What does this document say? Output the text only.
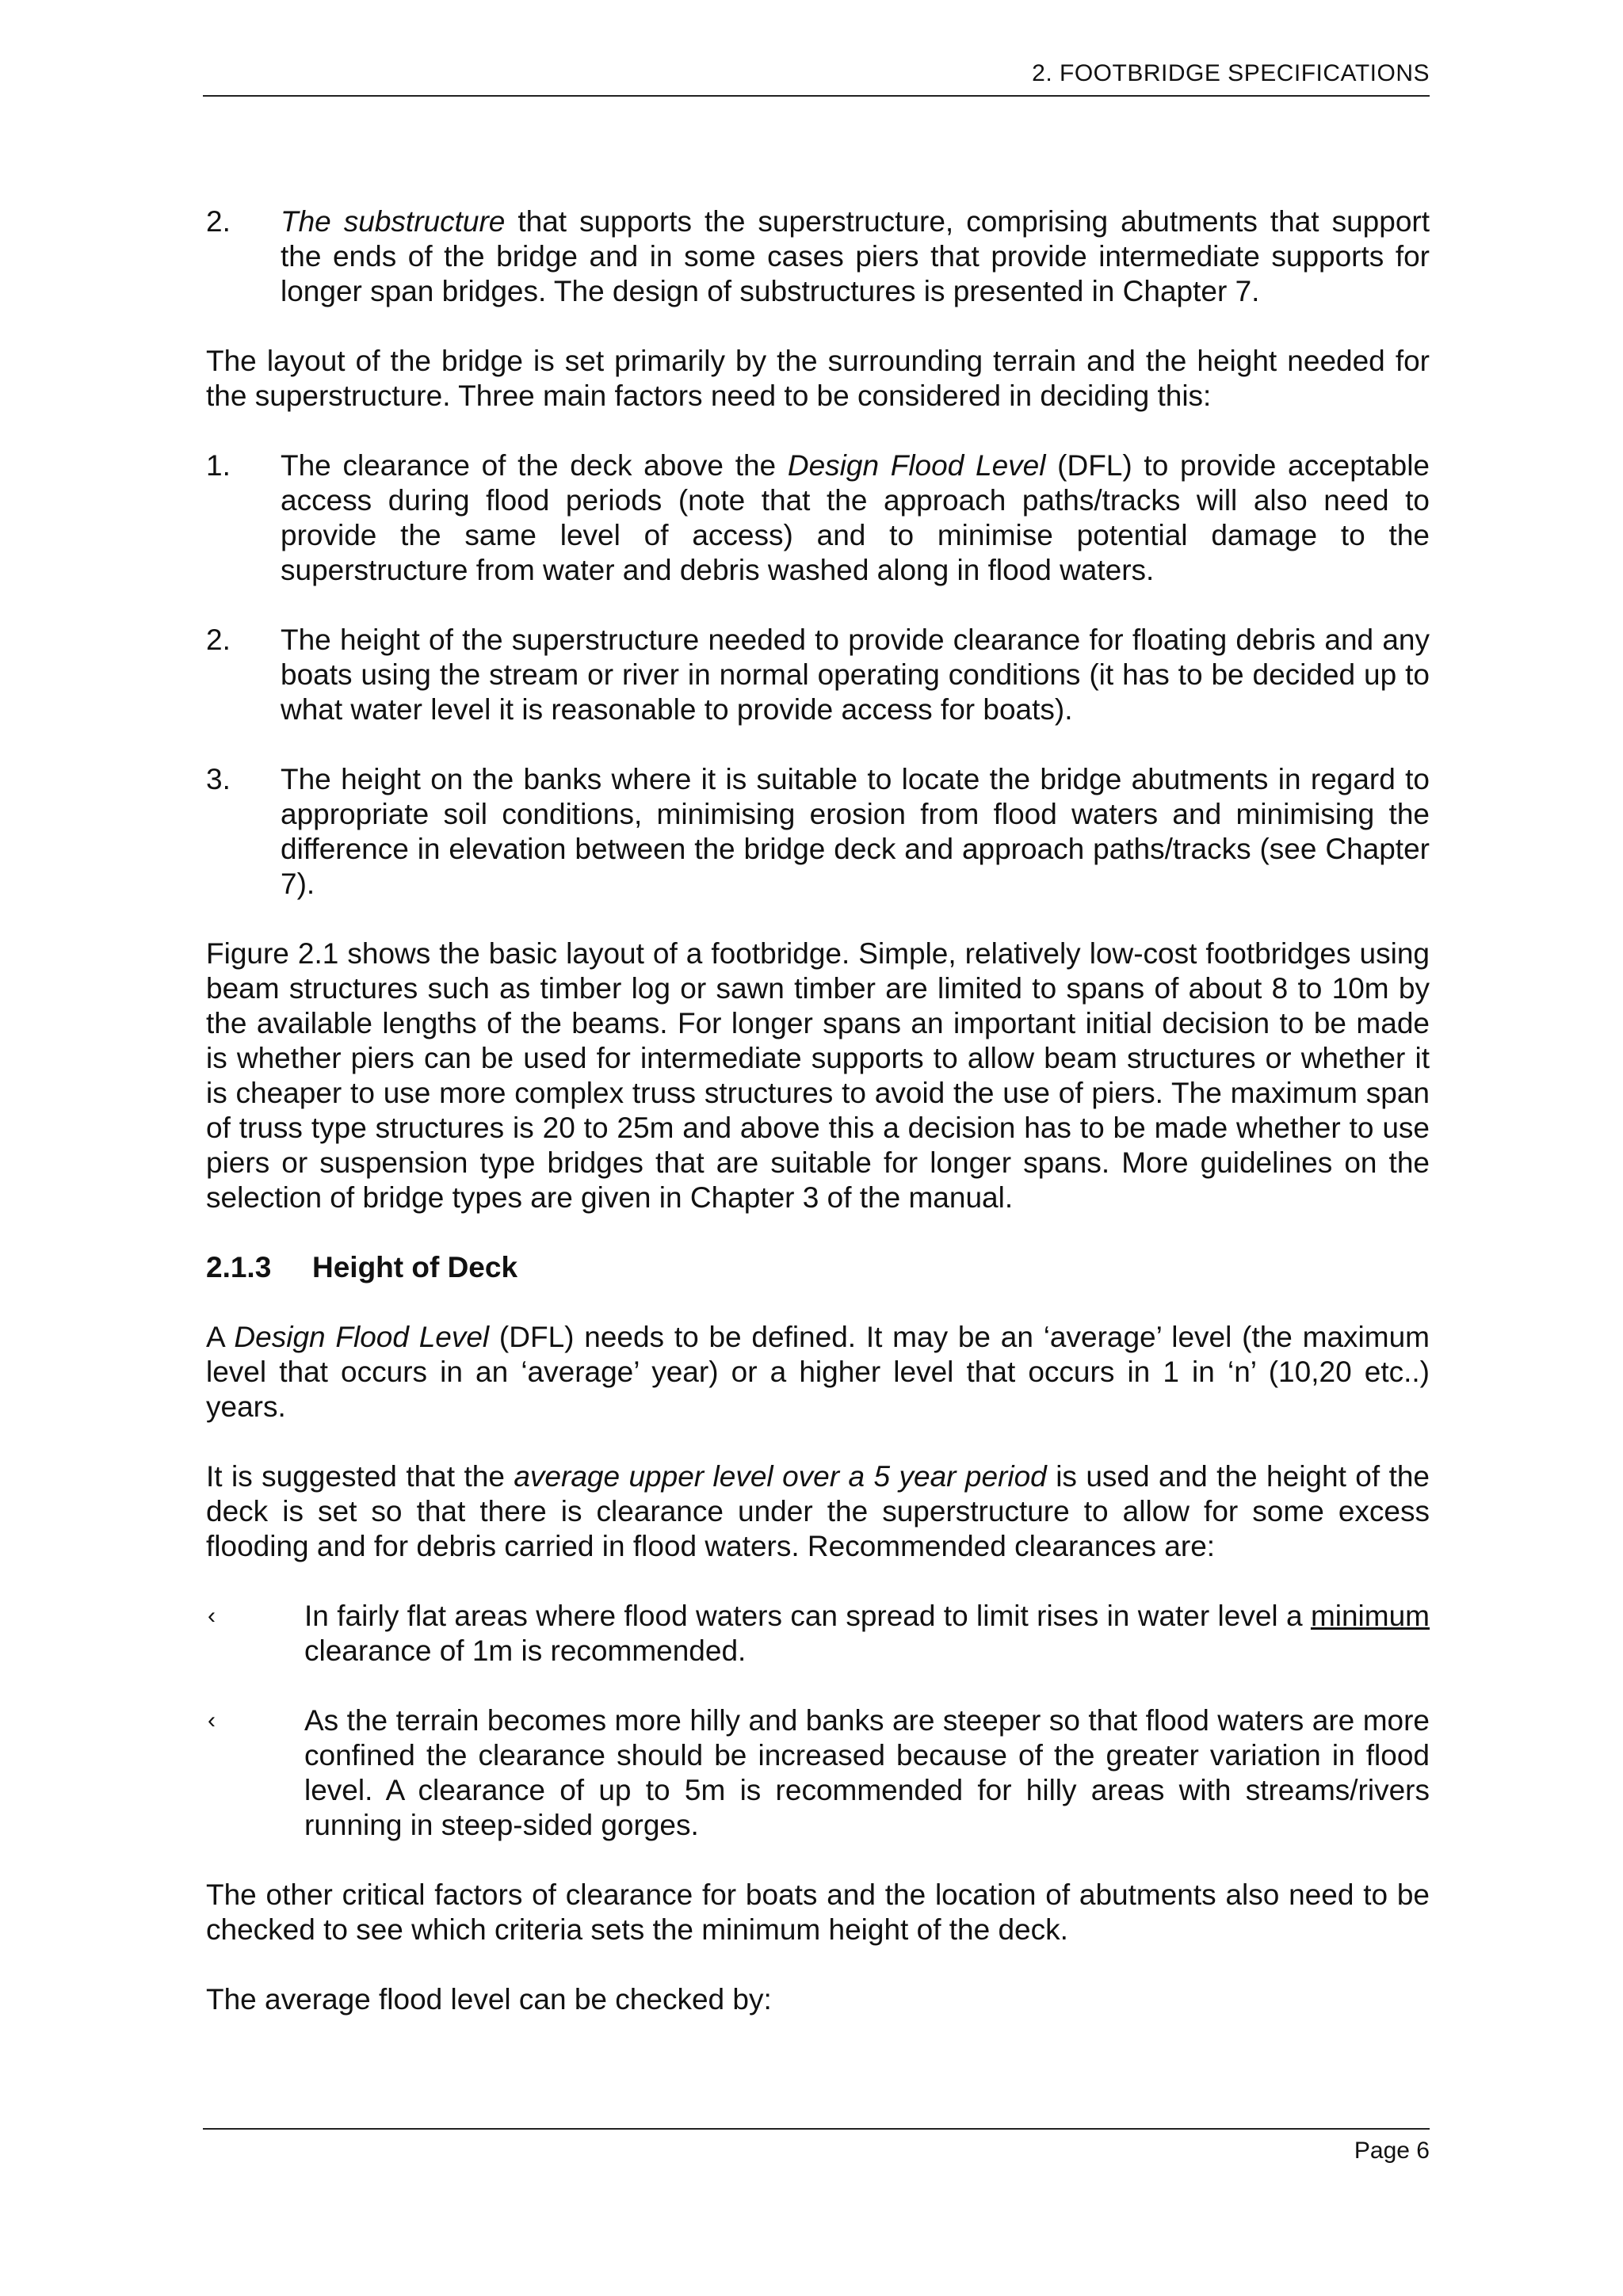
2. FOOTBRIDGE SPECIFICATIONS
2. The substructure that supports the superstructure, comprising abutments that support the ends of the bridge and in some cases piers that provide intermediate supports for longer span bridges. The design of substructures is presented in Chapter 7.

The layout of the bridge is set primarily by the surrounding terrain and the height needed for the superstructure. Three main factors need to be considered in deciding this:

1. The clearance of the deck above the Design Flood Level (DFL) to provide acceptable access during flood periods (note that the approach paths/tracks will also need to provide the same level of access) and to minimise potential damage to the superstructure from water and debris washed along in flood waters.
2. The height of the superstructure needed to provide clearance for floating debris and any boats using the stream or river in normal operating conditions (it has to be decided up to what water level it is reasonable to provide access for boats).
3. The height on the banks where it is suitable to locate the bridge abutments in regard to appropriate soil conditions, minimising erosion from flood waters and minimising the difference in elevation between the bridge deck and approach paths/tracks (see Chapter 7).

Figure 2.1 shows the basic layout of a footbridge. Simple, relatively low-cost footbridges using beam structures such as timber log or sawn timber are limited to spans of about 8 to 10m by the available lengths of the beams. For longer spans an important initial decision to be made is whether piers can be used for intermediate supports to allow beam structures or whether it is cheaper to use more complex truss structures to avoid the use of piers. The maximum span of truss type structures is 20 to 25m and above this a decision has to be made whether to use piers or suspension type bridges that are suitable for longer spans. More guidelines on the selection of bridge types are given in Chapter 3 of the manual.

2.1.3 Height of Deck

A Design Flood Level (DFL) needs to be defined. It may be an ‘average’ level (the maximum level that occurs in an ‘average’ year) or a higher level that occurs in 1 in ‘n’ (10,20 etc..) years.

It is suggested that the average upper level over a 5 year period is used and the height of the deck is set so that there is clearance under the superstructure to allow for some excess flooding and for debris carried in flood waters. Recommended clearances are:

‹	In fairly flat areas where flood waters can spread to limit rises in water level a minimum clearance of 1m is recommended.
‹	As the terrain becomes more hilly and banks are steeper so that flood waters are more confined the clearance should be increased because of the greater variation in flood level. A clearance of up to 5m is recommended for hilly areas with streams/rivers running in steep-sided gorges.

The other critical factors of clearance for boats and the location of abutments also need to be checked to see which criteria sets the minimum height of the deck.

The average flood level can be checked by:

Page 6
